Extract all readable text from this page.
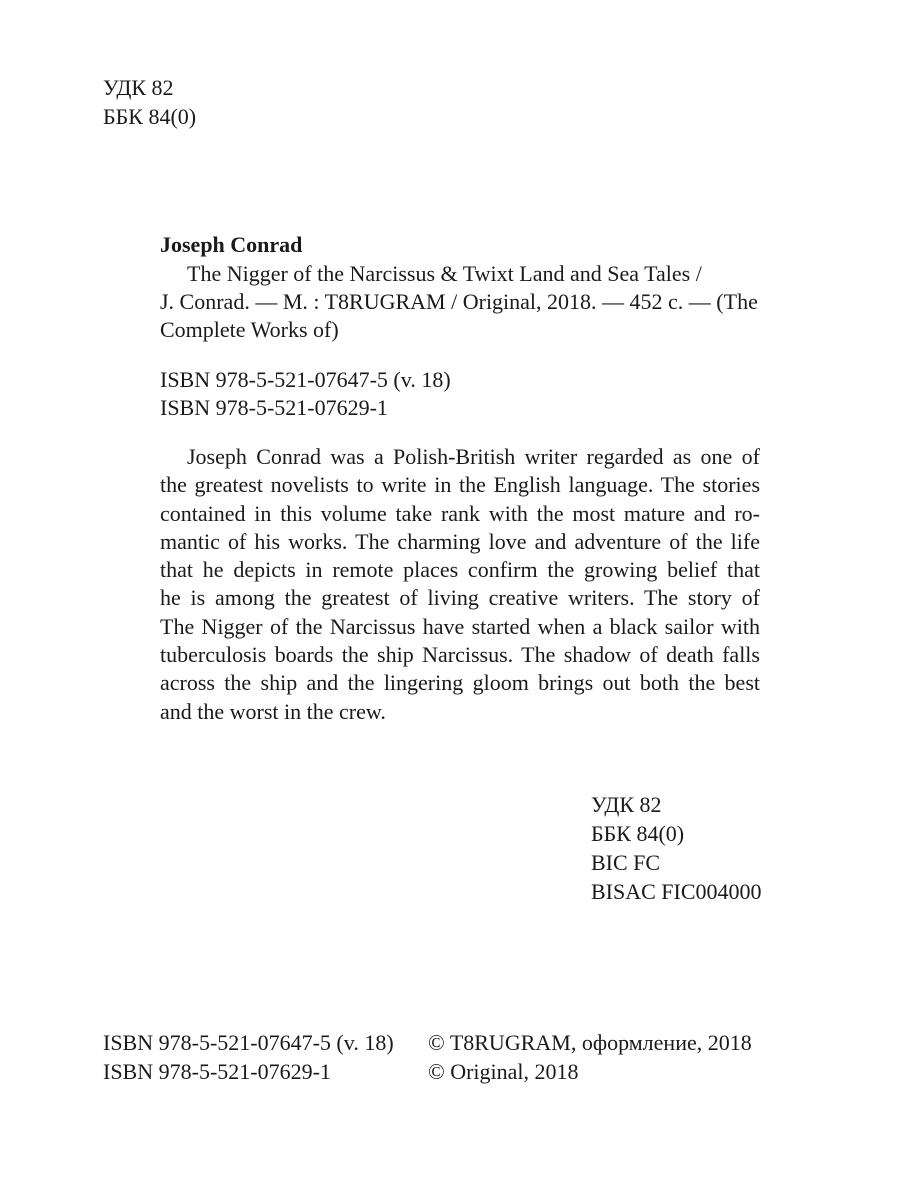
УДК 82
ББК 84(0)
Joseph Conrad
The Nigger of the Narcissus & Twixt Land and Sea Tales /
J. Conrad. — M. : T8RUGRAM / Original, 2018. — 452 с. — (The
Complete Works of)
ISBN 978-5-521-07647-5 (v. 18)
ISBN 978-5-521-07629-1
Joseph Conrad was a Polish-British writer regarded as one of
the greatest novelists to write in the English language. The stories
contained in this volume take rank with the most mature and ro-
mantic of his works. The charming love and adventure of the life
that he depicts in remote places confirm the growing belief that
he is among the greatest of living creative writers. The story of
The Nigger of the Narcissus have started when a black sailor with
tuberculosis boards the ship Narcissus. The shadow of death falls
across the ship and the lingering gloom brings out both the best
and the worst in the crew.
УДК 82
ББК 84(0)
BIC FC
BISAC FIC004000
ISBN 978-5-521-07647-5 (v. 18)
ISBN 978-5-521-07629-1
© T8RUGRAM, оформление, 2018
© Original, 2018
